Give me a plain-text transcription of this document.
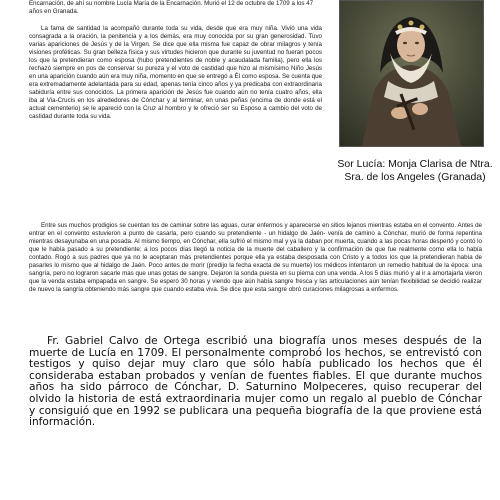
Encarnación, de ahí su nombre Lucía María de la Encarnación. Murió el 12 de octubre de 1709 a los 47 años en Granada.

La fama de santidad la acompañó durante toda su vida, desde que era muy niña. Vivió una vida consagrada a la oración, la penitencia y a los demás, era muy conocida por su gran generosidad. Tuvo varias apariciones de Jesús y de la Virgen. Se dice que ella misma fue capaz de obrar milagros y tenía visiones proféticas. Su gran belleza física y sus virtudes hicieron que durante su juventud no fueran pocos los que la pretendieran como esposa (hubo pretendientes de noble y acaudalada familia), pero ella los rechazó siempre en pos de conservar su pureza y el voto de castidad que hizo al mismísimo Niño Jesús en una aparición cuando aún era muy niña, momento en que se entregó a Él como esposa. Se cuenta que era extremadamente adelantada para su edad, apenas tenía cinco años y ya predicaba con extraordinaria sabiduría entre sus conocidos. La primera aparición de Jesús fue cuando aún no tenía cuatro años, ella iba al Via-Crucis en los alrededores de Cónchar y al terminar, en unas peñas (encima de donde está el actual cementerio) se le apareció con la Cruz al hombro y le ofreció ser su Esposo a cambio del voto de castidad durante toda su vida.

Sor Lucía: Monja Clarisa de Ntra. Sra. de los Angeles (Granada)

Entre sus muchos prodigios se cuentan los de caminar sobre las aguas, curar enfermos y aparecerse en sitios lejanos mientras estaba en el convento. Antes de entrar en el convento estuvieron a punto de casarla, pero cuando su pretendiente - un hidalgo de Jaén- venía de camino a Cónchar, murió de forma repentina mientras desayunaba en una posada. Al mismo tiempo, en Cónchar, ella sufrió el mismo mal y ya la daban por muerta, cuando a las pocas horas despertó y contó lo que le había pasado a su pretendiente: a los pocos días llegó la noticia de la muerte del caballero y la confirmación de que fue realmente como ella lo había contado. Rogó a sus padres que ya no le aceptaran más pretendientes porque ella ya estaba desposada con Cristo y a todos los que la pretendieran había de pasarles lo mismo que al hidalgo de Jaén. Poco antes de morir (predijo la fecha exacta de su muerte) los médicos intentaron un remedio habitual de la época: una sangría, pero no lograron sacarle mas que unas gotas de sangre. Dejaron la sonda puesta en su pierna con una venda. A los 5 días murió y al ir a amortajarla vieron que la venda estaba empapada en sangre. Se esperó 30 horas y viendo que aún había sangre fresca y las articulaciones aún tenían flexibilidad se decidió realizar de nuevo la sangría obteniendo más sangre que cuando estaba viva. Se dice que esta sangre obró curaciones milagrosas a enfermos.

Fr. Gabriel Calvo de Ortega escribió una biografía unos meses después de la muerte de Lucía en 1709. El personalmente comprobó los hechos, se entrevistó con testigos y quiso dejar muy claro que sólo había publicado los hechos que él consideraba estaban probados y venían de fuentes fiables. El que durante muchos años ha sido párroco de Cónchar, D. Saturnino Molpeceres, quiso recuperar del olvido la historia de está extraordinaria mujer como un regalo al pueblo de Cónchar y consiguió que en 1992 se publicara una pequeña biografía de la que proviene está información.
